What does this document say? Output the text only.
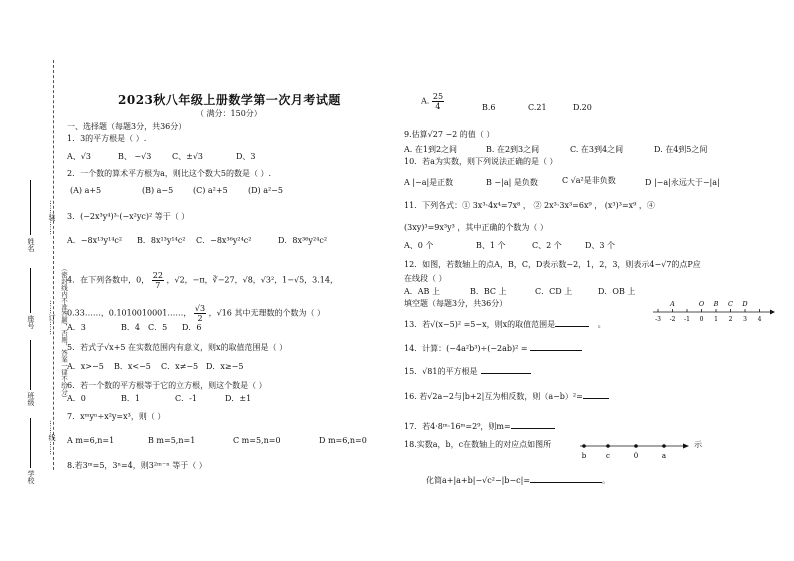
……装……
……订……
……线……
（密封线内不准答题，否则，答案一律不给分）
姓名
座号
班级
学校
2023秋八年级上册数学第一次月考试题
（ 满分：150分）
一、选择题（每题3分，共36分）
1．3的平方根是（ ）.
A、√3	B、 −√3	C、±√3	D、3
2．一个数的算术平方根为a，则比这个数大5的数是（ ）.
(A) a+5	(B) a−5 (C) a²+5	(D) a²−5
3．(−2x³y⁴)³·(−x²yc)² 等于（ ）
A．−8x¹³y¹⁴c² B．8x¹³y¹⁴c² C．−8x³⁶y²⁴c²	D．8x³⁶y²⁴c²
4．在下列各数中，0， $\frac{22}{7}$ ，√2，−π，∛−27，√8，√3²，1−√5，3.14，
0.33……，0.1010010001……， $\frac{√3}{2}$ ，√16 其中无理数的个数为（ ）
A．3	B．4 C．5 D．6
5．若式子√x+5 在实数范围内有意义，则x的取值范围是（ ）
A．x>−5 B．x<−5 C．x≠−5 D．x≥−5
6．若一个数的平方根等于它的立方根，则这个数是（ ）
A．0	B．1	C．-1	D．±1
7．xᵐyⁿ÷x²y=x³，则（ ）
A m=6,n=1	B m=5,n=1	C m=5,n=0	D m=6,n=0
8.若3ᵐ=5，3ⁿ=4，则3²ᵐ⁻ⁿ 等于（ ）
A. $\frac{25}{4}$	B.6	C.21	D.20
9.估算√27 −2 的值（ ）
A. 在1到2之间	B. 在2到3之间	C. 在3到4之间	D. 在4到5之间
10．若a为实数，则下列说法正确的是（ ）
A |−a|是正数	B −|a| 是负数	C √a²是非负数	D |−a|永远大于−|a|
11．下列各式：① 3x³·4x⁴=7x⁸ ， ② 2x³·3x³=6x⁹ ， (x³)³=x⁹ ，④
(3xy)³=9x³y³ ，其中正确的个数为（ ）
A、0 个	B、1 个	C、2 个	D、3 个
12．如图，若数轴上的点A，B，C，D表示数−2，1，2，3，则表示4−√7的点P应
在线段（ ）
A．AB 上	B．BC 上	C．CD 上	D．OB 上
填空题（每题3分，共36分）
-3 -2 -1 0 1 2 3 4
A	O B C D
13．若√(x−5)² =5−x，则x的取值范围是	。
14．计算：(−4a²b³)÷(−2ab)² =
15．√81的平方根是
16. 若√2a−2与|b+2|互为相反数，则（a−b）²=
17．若4·8ᵐ·16ᵐ=2⁹，则m=
18.实数a，b，c在数轴上的对应点如图所	示
b	c	0	a
化简a+|a+b|−√c²−|b−c|=	。
